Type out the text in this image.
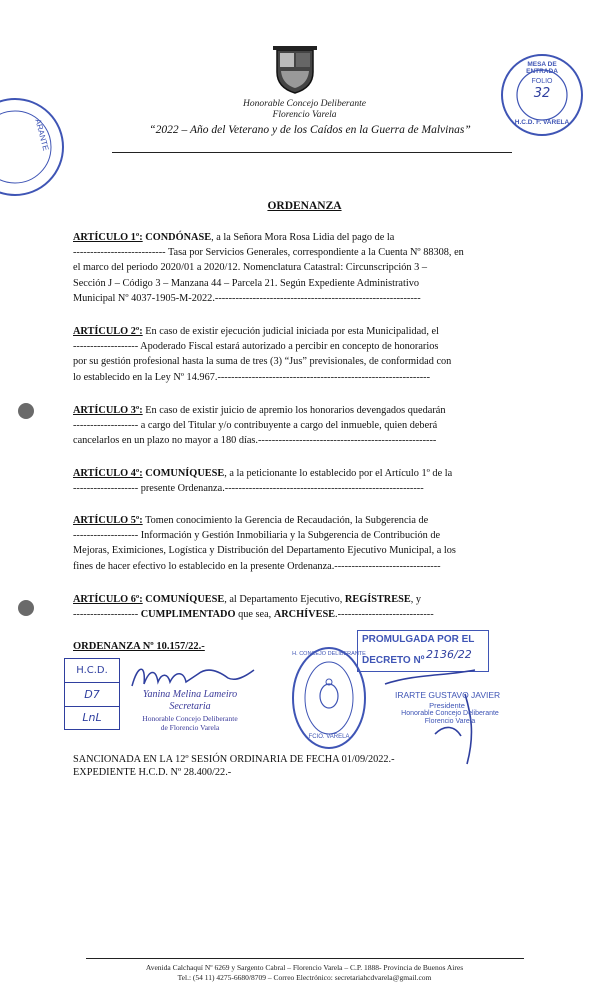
ARANTE
Honorable Concejo Deliberante
Florencio Varela
“2022 – Año del Veterano y de los Caídos en la Guerra de Malvinas”
MESA DE ENTRADA
FOLIO
32
H.C.D. F. VARELA
ORDENANZA
ARTÍCULO 1º: CONDÓNASE, a la Señora Mora Rosa Lidia del pago de la
--------------------------- Tasa por Servicios Generales, correspondiente a la Cuenta Nº 88308, en
el marco del periodo 2020/01 a 2020/12. Nomenclatura Catastral: Circunscripción 3 –
Sección J – Código 3 – Manzana 44 – Parcela 21. Según Expediente Administrativo
Municipal Nº 4037-1905-M-2022.------------------------------------------------------------
ARTÍCULO 2º: En caso de existir ejecución judicial iniciada por esta Municipalidad, el
------------------- Apoderado Fiscal estará autorizado a percibir en concepto de honorarios
por su gestión profesional hasta la suma de tres (3) “Jus” previsionales, de conformidad con
lo establecido en la Ley Nº 14.967.--------------------------------------------------------------
ARTÍCULO 3º: En caso de existir juicio de apremio los honorarios devengados quedarán
------------------- a cargo del Titular y/o contribuyente a cargo del inmueble, quien deberá
cancelarlos en un plazo no mayor a 180 días.----------------------------------------------------
ARTÍCULO 4º: COMUNÍQUESE, a la peticionante lo establecido por el Artículo 1º de la
------------------- presente Ordenanza.----------------------------------------------------------
ARTÍCULO 5º: Tomen conocimiento la Gerencia de Recaudación, la Subgerencia de
------------------- Información y Gestión Inmobiliaria y la Subgerencia de Contribución de
Mejoras, Eximiciones, Logística y Distribución del Departamento Ejecutivo Municipal, a los
fines de hacer efectivo lo establecido en la presente Ordenanza.-------------------------------
ARTÍCULO 6º: COMUNÍQUESE, al Departamento Ejecutivo, REGÍSTRESE, y
------------------- CUMPLIMENTADO que sea, ARCHÍVESE.----------------------------
ORDENANZA Nº 10.157/22.-
H.C.D.
D7
LnL
Yanina Melina Lameiro
Secretaria
Honorable Concejo Deliberante
de Florencio Varela
H. CONCEJO DELIBERANTE
FCIO. VARELA
PROMULGADA POR EL
DECRETO Nº 2136/22
IRARTE GUSTAVO JAVIER
Presidente
Honorable Concejo Deliberante
Florencio Varela
SANCIONADA EN LA 12º SESIÓN ORDINARIA DE FECHA 01/09/2022.-
EXPEDIENTE H.C.D. Nº 28.400/22.-
Avenida Calchaquí Nº 6269 y Sargento Cabral – Florencio Varela – C.P. 1888- Provincia de Buenos Aires
Tel.: (54 11) 4275-6680/8709 – Correo Electrónico: secretariahcdvarela@gmail.com
